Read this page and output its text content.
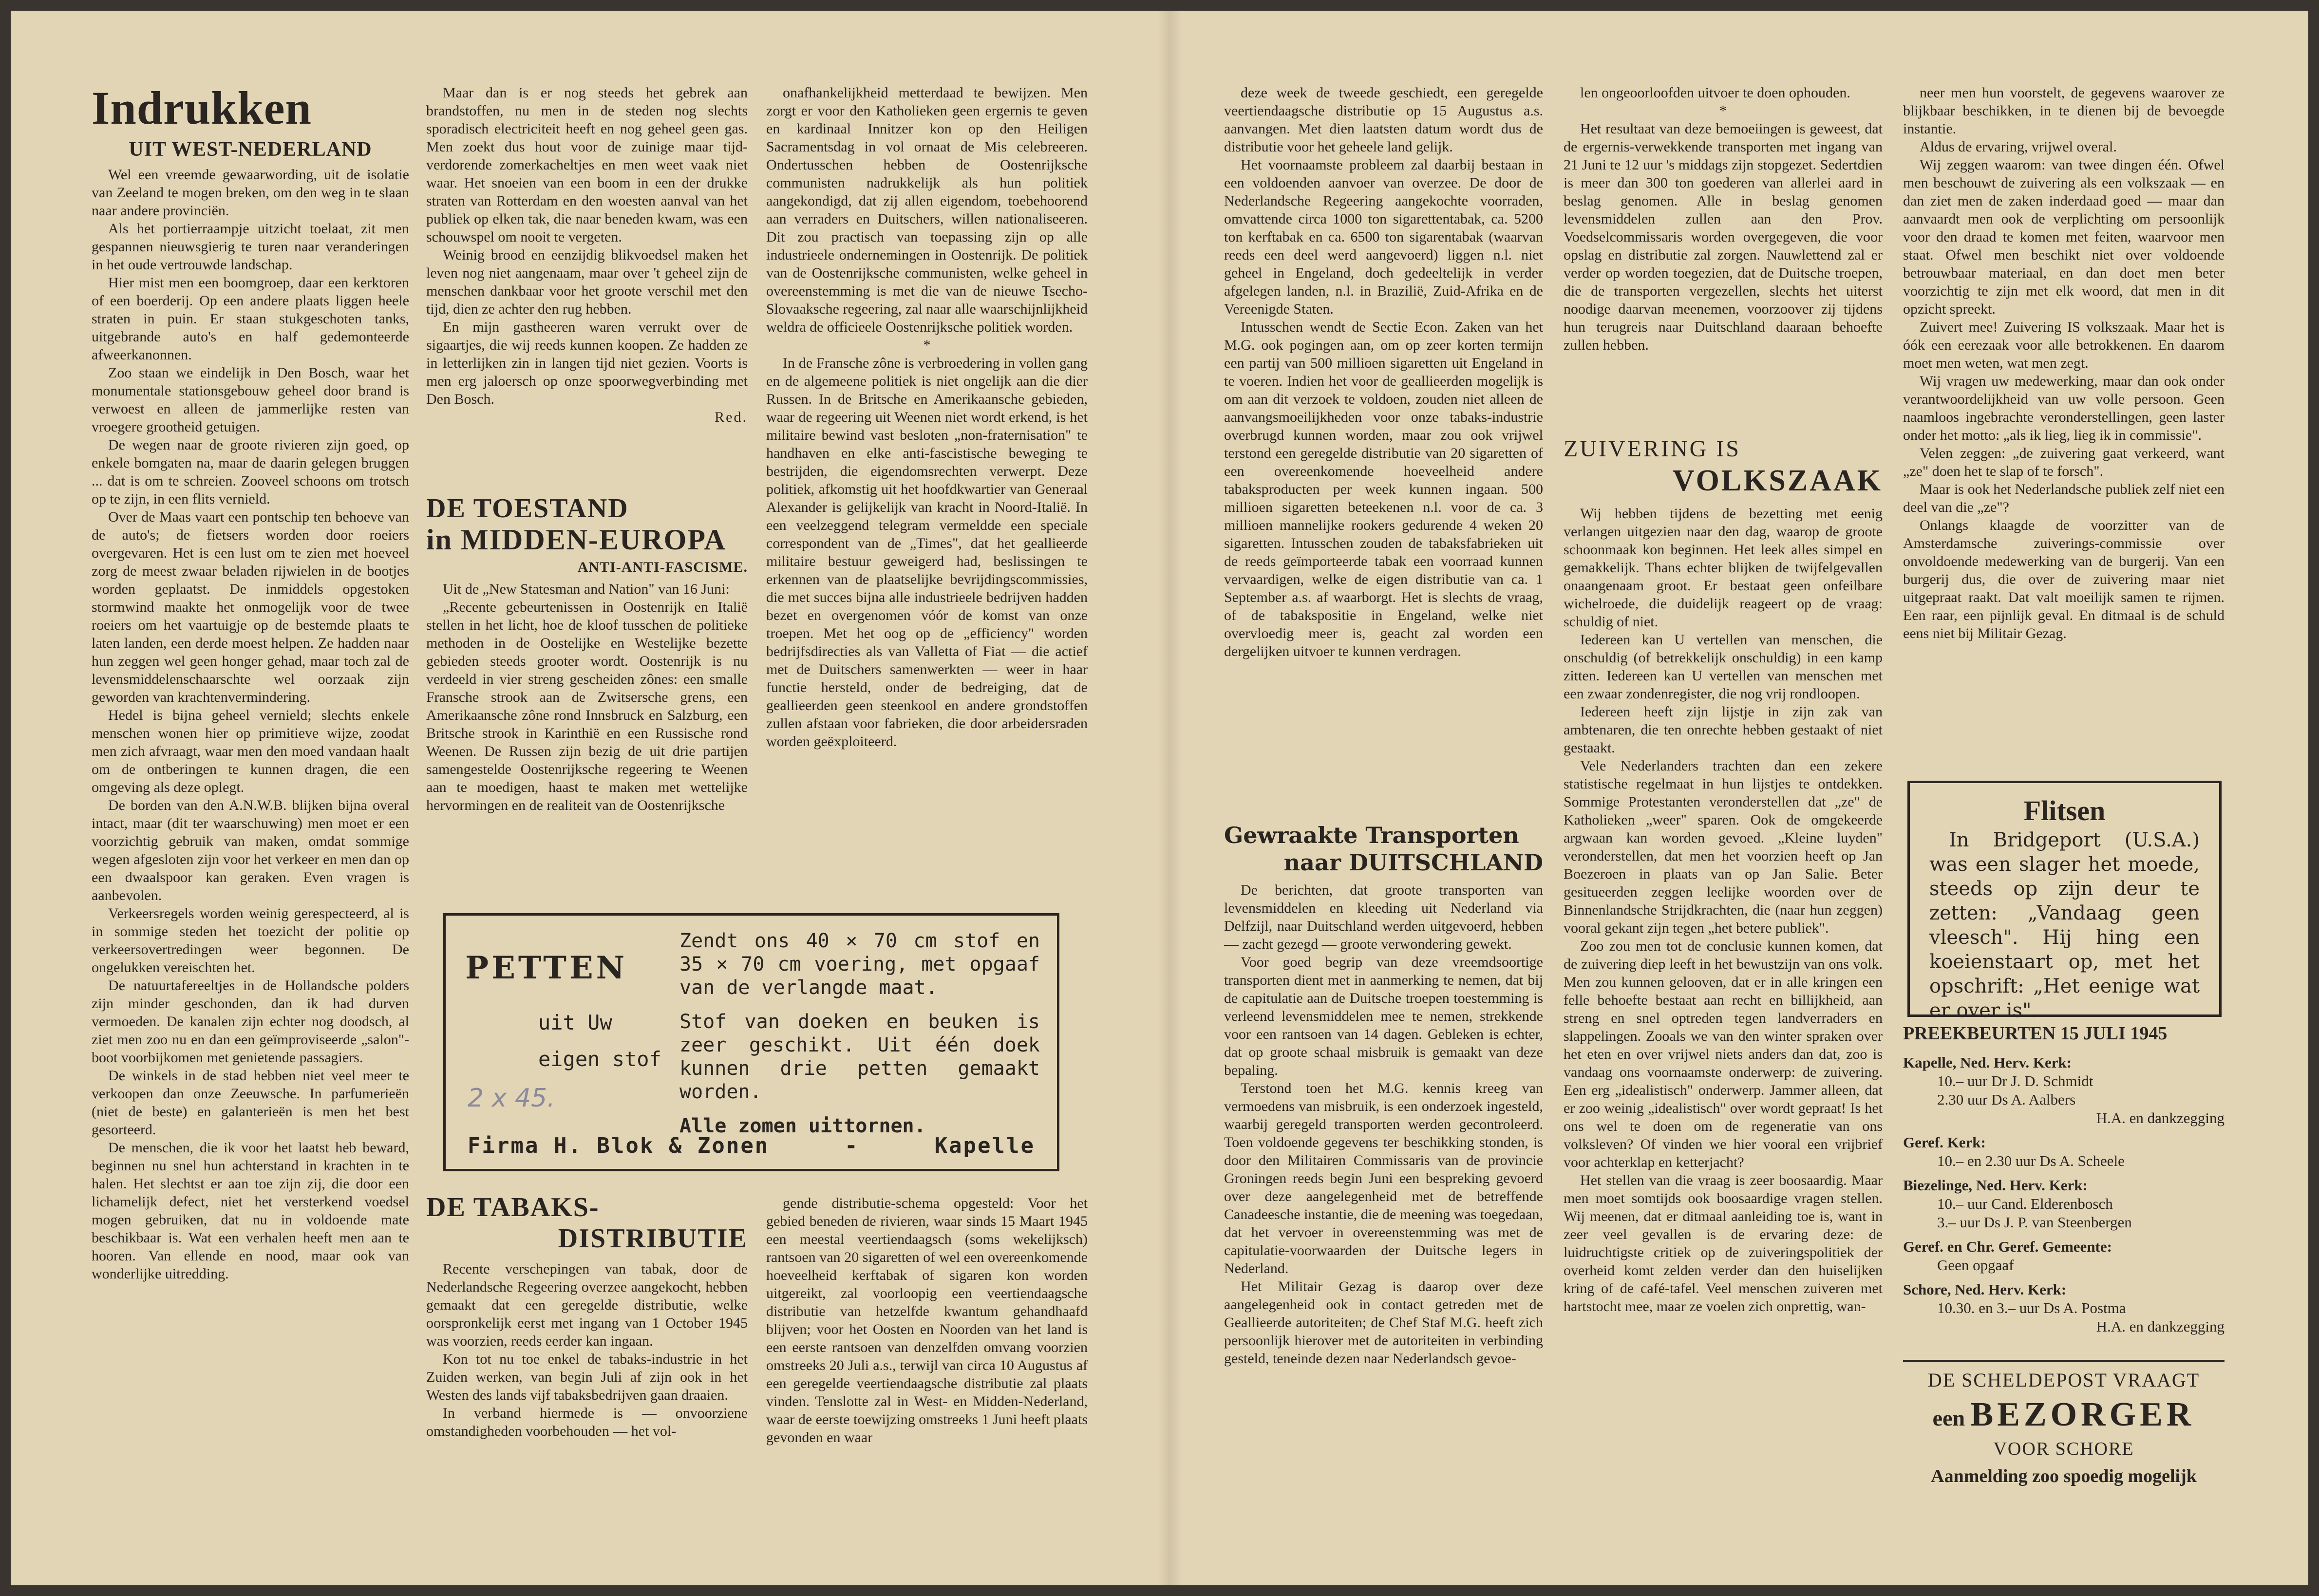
Indrukken
UIT WEST-NEDERLAND

Wel een vreemde gewaarwording, uit de isolatie van Zeeland te mogen breken, om den weg in te slaan naar andere provinciën.

Als het portierraampje uitzicht toelaat, zit men gespannen nieuwsgierig te turen naar veranderingen in het oude vertrouwde landschap.

Hier mist men een boomgroep, daar een kerktoren of een boerderij. Op een andere plaats liggen heele straten in puin. Er staan stukgeschoten tanks, uitgebrande auto's en half gedemonteerde afweerkanonnen.

Zoo staan we eindelijk in Den Bosch, waar het monumentale stationsgebouw geheel door brand is verwoest en alleen de jammerlijke resten van vroegere grootheid getuigen.

De wegen naar de groote rivieren zijn goed, op enkele bomgaten na, maar de daarin gelegen bruggen ... dat is om te schreien. Zooveel schoons om trotsch op te zijn, in een flits vernield.

Over de Maas vaart een pontschip ten behoeve van de auto's; de fietsers worden door roeiers overgevaren. Het is een lust om te zien met hoeveel zorg de meest zwaar beladen rijwielen in de bootjes worden geplaatst. De inmiddels opgestoken stormwind maakte het onmogelijk voor de twee roeiers om het vaartuigje op de bestemde plaats te laten landen, een derde moest helpen. Ze hadden naar hun zeggen wel geen honger gehad, maar toch zal de levensmiddelenschaarschte wel oorzaak zijn geworden van krachtenvermindering.

Hedel is bijna geheel vernield; slechts enkele menschen wonen hier op primitieve wijze, zoodat men zich afvraagt, waar men den moed vandaan haalt om de ontberingen te kunnen dragen, die een omgeving als deze oplegt.

De borden van den A.N.W.B. blijken bijna overal intact, maar (dit ter waarschuwing) men moet er een voorzichtig gebruik van maken, omdat sommige wegen afgesloten zijn voor het verkeer en men dan op een dwaalspoor kan geraken. Even vragen is aanbevolen.

Verkeersregels worden weinig gerespecteerd, al is in sommige steden het toezicht der politie op verkeersovertredingen weer begonnen. De ongelukken vereischten het.

De natuurtafereeltjes in de Hollandsche polders zijn minder geschonden, dan ik had durven vermoeden. De kanalen zijn echter nog doodsch, al ziet men zoo nu en dan een geïmproviseerde „salon"-boot voorbijkomen met genietende passagiers.

De winkels in de stad hebben niet veel meer te verkoopen dan onze Zeeuwsche. In parfumerieën (niet de beste) en galanterieën is men het best gesorteerd.

De menschen, die ik voor het laatst heb beward, beginnen nu snel hun achterstand in krachten in te halen. Het slechtst er aan toe zijn zij, die door een lichamelijk defect, niet het versterkend voedsel mogen gebruiken, dat nu in voldoende mate beschikbaar is. Wat een verhalen heeft men aan te hooren. Van ellende en nood, maar ook van wonderlijke uitredding.

Maar dan is er nog steeds het gebrek aan brandstoffen, nu men in de steden nog slechts sporadisch electriciteit heeft en nog geheel geen gas. Men zoekt dus hout voor de zuinige maar tijd-verdorende zomerkacheltjes en men weet vaak niet waar. Het snoeien van een boom in een der drukke straten van Rotterdam en den woesten aanval van het publiek op elken tak, die naar beneden kwam, was een schouwspel om nooit te vergeten.

Weinig brood en eenzijdig blikvoedsel maken het leven nog niet aangenaam, maar over 't geheel zijn de menschen dankbaar voor het groote verschil met den tijd, dien ze achter den rug hebben.

En mijn gastheeren waren verrukt over de sigaartjes, die wij reeds kunnen koopen. Ze hadden ze in letterlijken zin in langen tijd niet gezien. Voorts is men erg jaloersch op onze spoorwegverbinding met Den Bosch.

Red.
DE TOESTAND
in MIDDEN-EUROPA
ANTI-ANTI-FASCISME.

Uit de „New Statesman and Nation" van 16 Juni:

„Recente gebeurtenissen in Oostenrijk en Italië stellen in het licht, hoe de kloof tusschen de politieke methoden in de Oostelijke en Westelijke bezette gebieden steeds grooter wordt. Oostenrijk is nu verdeeld in vier streng gescheiden zônes: een smalle Fransche strook aan de Zwitsersche grens, een Amerikaansche zône rond Innsbruck en Salzburg, een Britsche strook in Karinthië en een Russische rond Weenen. De Russen zijn bezig de uit drie partijen samengestelde Oostenrijksche regeering te Weenen aan te moedigen, haast te maken met wettelijke hervormingen en de realiteit van de Oostenrijksche

onafhankelijkheid metterdaad te bewijzen. Men zorgt er voor den Katholieken geen ergernis te geven en kardinaal Innitzer kon op den Heiligen Sacramentsdag in vol ornaat de Mis celebreeren. Ondertusschen hebben de Oostenrijksche communisten nadrukkelijk als hun politiek aangekondigd, dat zij allen eigendom, toebehoorend aan verraders en Duitschers, willen nationaliseeren. Dit zou practisch van toepassing zijn op alle industrieele ondernemingen in Oostenrijk. De politiek van de Oostenrijksche communisten, welke geheel in overeenstemming is met die van de nieuwe Tsecho-Slovaaksche regeering, zal naar alle waarschijnlijkheid weldra de officieele Oostenrijksche politiek worden.

*

In de Fransche zône is verbroedering in vollen gang en de algemeene politiek is niet ongelijk aan die dier Russen. In de Britsche en Amerikaansche gebieden, waar de regeering uit Weenen niet wordt erkend, is het militaire bewind vast besloten „non-fraternisation" te handhaven en elke anti-fascistische beweging te bestrijden, die eigendomsrechten verwerpt. Deze politiek, afkomstig uit het hoofdkwartier van Generaal Alexander is gelijkelijk van kracht in Noord-Italië. In een veelzeggend telegram vermeldde een speciale correspondent van de „Times", dat het geallieerde militaire bestuur geweigerd had, beslissingen te erkennen van de plaatselijke bevrijdingscommissies, die met succes bijna alle industrieele bedrijven hadden bezet en overgenomen vóór de komst van onze troepen. Met het oog op de „efficiency" worden bedrijfsdirecties als van Valletta of Fiat — die actief met de Duitschers samenwerkten — weer in haar functie hersteld, onder de bedreiging, dat de geallieerden geen steenkool en andere grondstoffen zullen afstaan voor fabrieken, die door arbeidersraden worden geëxploiteerd.

PETTEN
uit Uw
eigen stof
2 x 45.

Zendt ons 40 × 70 cm stof en 35 × 70 cm voering, met opgaaf van de verlangde maat.

Stof van doeken en beuken is zeer geschikt. Uit één doek kunnen drie petten gemaakt worden.

Alle zomen uittornen.

Firma H. Blok & Zonen	-	Kapelle
DE TABAKS-
DISTRIBUTIE

Recente verschepingen van tabak, door de Nederlandsche Regeering overzee aangekocht, hebben gemaakt dat een geregelde distributie, welke oorspronkelijk eerst met ingang van 1 October 1945 was voorzien, reeds eerder kan ingaan.

Kon tot nu toe enkel de tabaks-industrie in het Zuiden werken, van begin Juli af zijn ook in het Westen des lands vijf tabaksbedrijven gaan draaien.

In verband hiermede is — onvoorziene omstandigheden voorbehouden — het vol-

gende distributie-schema opgesteld: Voor het gebied beneden de rivieren, waar sinds 15 Maart 1945 een meestal veertiendaagsch (soms wekelijksch) rantsoen van 20 sigaretten of wel een overeenkomende hoeveelheid kerftabak of sigaren kon worden uitgereikt, zal voorloopig een veertiendaagsche distributie van hetzelfde kwantum gehandhaafd blijven; voor het Oosten en Noorden van het land is een eerste rantsoen van denzelfden omvang voorzien omstreeks 20 Juli a.s., terwijl van circa 10 Augustus af een geregelde veertiendaagsche distributie zal plaats vinden. Tenslotte zal in West- en Midden-Nederland, waar de eerste toewijzing omstreeks 1 Juni heeft plaats gevonden en waar

deze week de tweede geschiedt, een geregelde veertiendaagsche distributie op 15 Augustus a.s. aanvangen. Met dien laatsten datum wordt dus de distributie voor het geheele land gelijk.

Het voornaamste probleem zal daarbij bestaan in een voldoenden aanvoer van overzee. De door de Nederlandsche Regeering aangekochte voorraden, omvattende circa 1000 ton sigarettentabak, ca. 5200 ton kerftabak en ca. 6500 ton sigarentabak (waarvan reeds een deel werd aangevoerd) liggen n.l. niet geheel in Engeland, doch gedeeltelijk in verder afgelegen landen, n.l. in Brazilië, Zuid-Afrika en de Vereenigde Staten.

Intusschen wendt de Sectie Econ. Zaken van het M.G. ook pogingen aan, om op zeer korten termijn een partij van 500 millioen sigaretten uit Engeland in te voeren. Indien het voor de geallieerden mogelijk is om aan dit verzoek te voldoen, zouden niet alleen de aanvangsmoeilijkheden voor onze tabaks-industrie overbrugd kunnen worden, maar zou ook vrijwel terstond een geregelde distributie van 20 sigaretten of een overeenkomende hoeveelheid andere tabaksproducten per week kunnen ingaan. 500 millioen sigaretten beteekenen n.l. voor de ca. 3 millioen mannelijke rookers gedurende 4 weken 20 sigaretten. Intusschen zouden de tabaksfabrieken uit de reeds geïmporteerde tabak een voorraad kunnen vervaardigen, welke de eigen distributie van ca. 1 September a.s. af waarborgt. Het is slechts de vraag, of de tabakspositie in Engeland, welke niet overvloedig meer is, geacht zal worden een dergelijken uitvoer te kunnen verdragen.

Gewraakte Transporten
naar DUITSCHLAND

De berichten, dat groote transporten van levensmiddelen en kleeding uit Nederland via Delfzijl, naar Duitschland werden uitgevoerd, hebben — zacht gezegd — groote verwondering gewekt.

Voor goed begrip van deze vreemdsoortige transporten dient met in aanmerking te nemen, dat bij de capitulatie aan de Duitsche troepen toestemming is verleend levensmiddelen mee te nemen, strekkende voor een rantsoen van 14 dagen. Gebleken is echter, dat op groote schaal misbruik is gemaakt van deze bepaling.

Terstond toen het M.G. kennis kreeg van vermoedens van misbruik, is een onderzoek ingesteld, waarbij geregeld transporten werden gecontroleerd. Toen voldoende gegevens ter beschikking stonden, is door den Militairen Commissaris van de provincie Groningen reeds begin Juni een bespreking gevoerd over deze aangelegenheid met de betreffende Canadeesche instantie, die de meening was toegedaan, dat het vervoer in overeenstemming was met de capitulatie-voorwaarden der Duitsche legers in Nederland.

Het Militair Gezag is daarop over deze aangelegenheid ook in contact getreden met de Geallieerde autoriteiten; de Chef Staf M.G. heeft zich persoonlijk hierover met de autoriteiten in verbinding gesteld, teneinde dezen naar Nederlandsch gevoe-

len ongeoorloofden uitvoer te doen ophouden.

*

Het resultaat van deze bemoeiingen is geweest, dat de ergernis-verwekkende transporten met ingang van 21 Juni te 12 uur 's middags zijn stopgezet. Sedertdien is meer dan 300 ton goederen van allerlei aard in beslag genomen. Alle in beslag genomen levensmiddelen zullen aan den Prov. Voedselcommissaris worden overgegeven, die voor opslag en distributie zal zorgen. Nauwlettend zal er verder op worden toegezien, dat de Duitsche troepen, die de transporten vergezellen, slechts het uiterst noodige daarvan meenemen, voorzoover zij tijdens hun terugreis naar Duitschland daaraan behoefte zullen hebben.

ZUIVERING IS
VOLKSZAAK

Wij hebben tijdens de bezetting met eenig verlangen uitgezien naar den dag, waarop de groote schoonmaak kon beginnen. Het leek alles simpel en gemakkelijk. Thans echter blijken de twijfelgevallen onaangenaam groot. Er bestaat geen onfeilbare wichelroede, die duidelijk reageert op de vraag: schuldig of niet.

Iedereen kan U vertellen van menschen, die onschuldig (of betrekkelijk onschuldig) in een kamp zitten. Iedereen kan U vertellen van menschen met een zwaar zondenregister, die nog vrij rondloopen.

Iedereen heeft zijn lijstje in zijn zak van ambtenaren, die ten onrechte hebben gestaakt of niet gestaakt.

Vele Nederlanders trachten dan een zekere statistische regelmaat in hun lijstjes te ontdekken. Sommige Protestanten veronderstellen dat „ze" de Katholieken „weer" sparen. Ook de omgekeerde argwaan kan worden gevoed. „Kleine luyden" veronderstellen, dat men het voorzien heeft op Jan Boezeroen in plaats van op Jan Salie. Beter gesitueerden zeggen leelijke woorden over de Binnenlandsche Strijdkrachten, die (naar hun zeggen) vooral gekant zijn tegen „het betere publiek".

Zoo zou men tot de conclusie kunnen komen, dat de zuivering diep leeft in het bewustzijn van ons volk. Men zou kunnen gelooven, dat er in alle kringen een felle behoefte bestaat aan recht en billijkheid, aan streng en snel optreden tegen landverraders en slappelingen. Zooals we van den winter spraken over het eten en over vrijwel niets anders dan dat, zoo is vandaag ons voornaamste onderwerp: de zuivering. Een erg „idealistisch" onderwerp. Jammer alleen, dat er zoo weinig „idealistisch" over wordt gepraat! Is het ons wel te doen om de regeneratie van ons volksleven? Of vinden we hier vooral een vrijbrief voor achterklap en ketterjacht?

Het stellen van die vraag is zeer boosaardig. Maar men moet somtijds ook boosaardige vragen stellen. Wij meenen, dat er ditmaal aanleiding toe is, want in zeer veel gevallen is de ervaring deze: de luidruchtigste critiek op de zuiveringspolitiek der overheid komt zelden verder dan den huiselijken kring of de café-tafel. Veel menschen zuiveren met hartstocht mee, maar ze voelen zich onprettig, wan-

neer men hun voorstelt, de gegevens waarover ze blijkbaar beschikken, in te dienen bij de bevoegde instantie.

Aldus de ervaring, vrijwel overal.

Wij zeggen waarom: van twee dingen één. Ofwel men beschouwt de zuivering als een volkszaak — en dan ziet men de zaken inderdaad goed — maar dan aanvaardt men ook de verplichting om persoonlijk voor den draad te komen met feiten, waarvoor men staat. Ofwel men beschikt niet over voldoende betrouwbaar materiaal, en dan doet men beter voorzichtig te zijn met elk woord, dat men in dit opzicht spreekt.

Zuivert mee! Zuivering IS volkszaak. Maar het is óók een eerezaak voor alle betrokkenen. En daarom moet men weten, wat men zegt.

Wij vragen uw medewerking, maar dan ook onder verantwoordelijkheid van uw volle persoon. Geen naamloos ingebrachte veronderstellingen, geen laster onder het motto: „als ik lieg, lieg ik in commissie".

Velen zeggen: „de zuivering gaat verkeerd, want „ze" doen het te slap of te forsch".

Maar is ook het Nederlandsche publiek zelf niet een deel van die „ze"?

Onlangs klaagde de voorzitter van de Amsterdamsche zuiverings-commissie over onvoldoende medewerking van de burgerij. Van een burgerij dus, die over de zuivering maar niet uitgepraat raakt. Dat valt moeilijk samen te rijmen. Een raar, een pijnlijk geval. En ditmaal is de schuld eens niet bij Militair Gezag.

Flitsen
In Bridgeport (U.S.A.) was een slager het moede, steeds op zijn deur te zetten: „Vandaag geen vleesch". Hij hing een koeienstaart op, met het opschrift: „Het eenige wat er over is".
PREEKBEURTEN 15 JULI 1945

Kapelle, Ned. Herv. Kerk:

10.– uur Dr J. D. Schmidt

2.30 uur Ds A. Aalbers

H.A. en dankzegging

Geref. Kerk:

10.– en 2.30 uur Ds A. Scheele

Biezelinge, Ned. Herv. Kerk:

10.– uur Cand. Elderenbosch

3.– uur Ds J. P. van Steenbergen

Geref. en Chr. Geref. Gemeente:

Geen opgaaf

Schore, Ned. Herv. Kerk:

10.30. en 3.– uur Ds A. Postma

H.A. en dankzegging

DE SCHELDEPOST VRAAGT
een BEZORGER
VOOR SCHORE
Aanmelding zoo spoedig mogelijk
